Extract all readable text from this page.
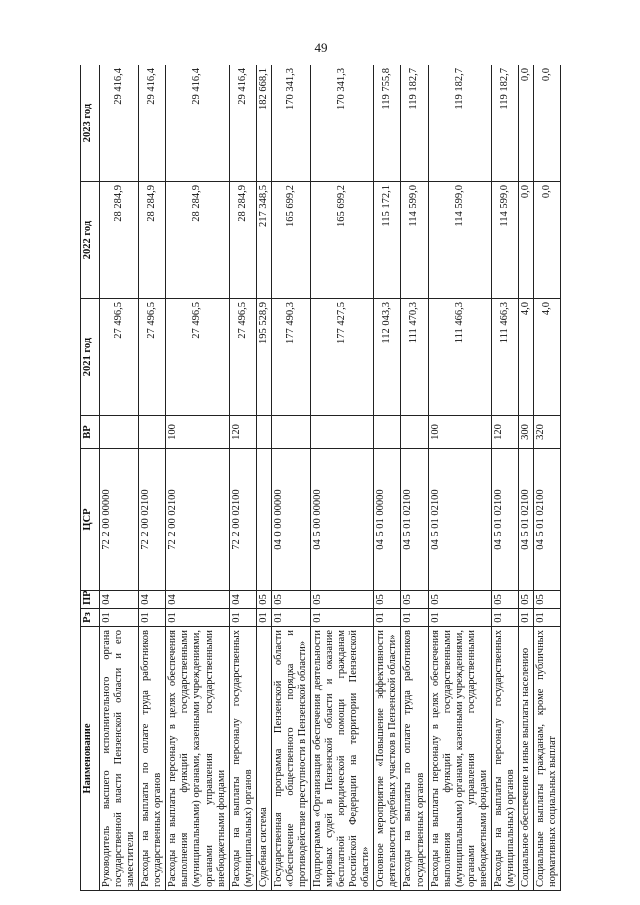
49
Наименование	Рз	ПР	ЦСР	ВР	2021 год	2022 год	2023 год
Руководитель высшего исполнительного органа государственной власти Пензенской области и его заместители	01	04	72 2 00 00000		27 496,5	28 284,9	29 416,4
Расходы на выплаты по оплате труда работников государственных органов	01	04	72 2 00 02100		27 496,5	28 284,9	29 416,4
Расходы на выплаты персоналу в целях обеспечения выполнения функций государственными (муниципальными) органами, казенными учреждениями, органами управления государственными внебюджетными фондами	01	04	72 2 00 02100	100	27 496,5	28 284,9	29 416,4
Расходы на выплаты персоналу государственных (муниципальных) органов	01	04	72 2 00 02100	120	27 496,5	28 284,9	29 416,4
Судебная система	01	05			195 528,9	217 348,5	182 668,1
Государственная программа Пензенской области «Обеспечение общественного порядка и противодействие преступности в Пензенской области»	01	05	04 0 00 00000		177 490,3	165 699,2	170 341,3
Подпрограмма «Организация обеспечения деятельности мировых судей в Пензенской области и оказание бесплатной юридической помощи гражданам Российской Федерации на территории Пензенской области»	01	05	04 5 00 00000		177 427,5	165 699,2	170 341,3
Основное мероприятие «Повышение эффективности деятельности судебных участков в Пензенской области»	01	05	04 5 01 00000		112 043,3	115 172,1	119 755,8
Расходы на выплаты по оплате труда работников государственных органов	01	05	04 5 01 02100		111 470,3	114 599,0	119 182,7
Расходы на выплаты персоналу в целях обеспечения выполнения функций государственными (муниципальными) органами, казенными учреждениями, органами управления государственными внебюджетными фондами	01	05	04 5 01 02100	100	111 466,3	114 599,0	119 182,7
Расходы на выплаты персоналу государственных (муниципальных) органов	01	05	04 5 01 02100	120	111 466,3	114 599,0	119 182,7
Социальное обеспечение и иные выплаты населению	01	05	04 5 01 02100	300	4,0	0,0	0,0
Социальные выплаты гражданам, кроме публичных нормативных социальных выплат	01	05	04 5 01 02100	320	4,0	0,0	0,0
